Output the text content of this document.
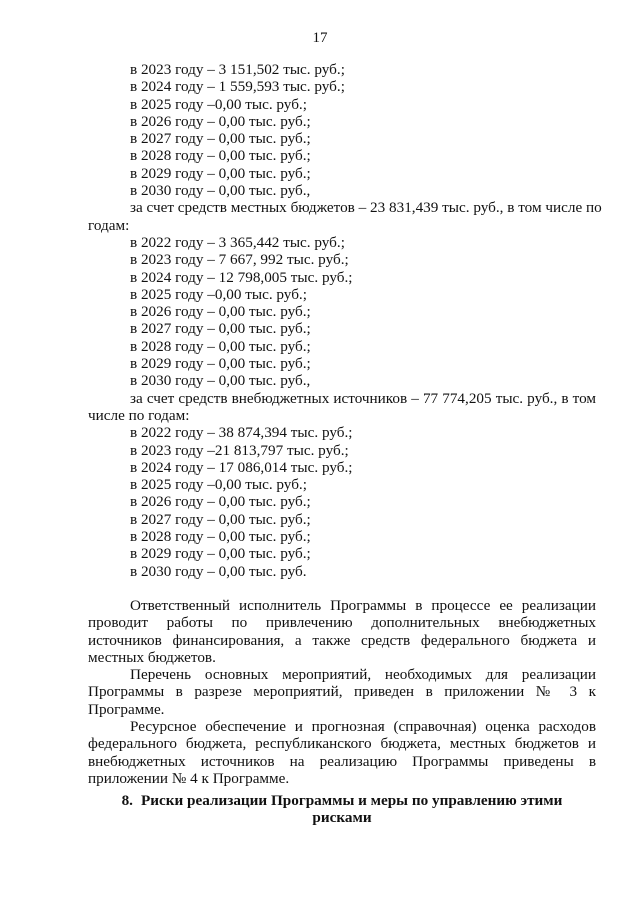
17
в 2023 году – 3 151,502 тыс. руб.;
в 2024 году – 1 559,593 тыс. руб.;
в 2025 году –0,00 тыс. руб.;
в 2026 году – 0,00 тыс. руб.;
в 2027 году – 0,00 тыс. руб.;
в 2028 году – 0,00 тыс. руб.;
в 2029 году – 0,00 тыс. руб.;
в 2030 году – 0,00 тыс. руб.,
за счет средств местных бюджетов – 23 831,439 тыс. руб., в том числе по
годам:
в 2022 году – 3 365,442 тыс. руб.;
в 2023 году – 7 667, 992 тыс. руб.;
в 2024 году – 12 798,005 тыс. руб.;
в 2025 году –0,00 тыс. руб.;
в 2026 году – 0,00 тыс. руб.;
в 2027 году – 0,00 тыс. руб.;
в 2028 году – 0,00 тыс. руб.;
в 2029 году – 0,00 тыс. руб.;
в 2030 году – 0,00 тыс. руб.,
за счет средств внебюджетных источников – 77 774,205 тыс. руб., в том
числе по годам:
в 2022 году – 38 874,394 тыс. руб.;
в 2023 году –21 813,797 тыс. руб.;
в 2024 году – 17 086,014 тыс. руб.;
в 2025 году –0,00 тыс. руб.;
в 2026 году – 0,00 тыс. руб.;
в 2027 году – 0,00 тыс. руб.;
в 2028 году – 0,00 тыс. руб.;
в 2029 году – 0,00 тыс. руб.;
в 2030 году – 0,00 тыс. руб.
Ответственный исполнитель Программы в процессе ее реализации
проводит работы по привлечению дополнительных внебюджетных
источников финансирования, а также средств федерального бюджета и
местных бюджетов.
Перечень основных мероприятий, необходимых для реализации
Программы в разрезе мероприятий, приведен в приложении № 3 к
Программе.
Ресурсное обеспечение и прогнозная (справочная) оценка расходов
федерального бюджета, республиканского бюджета, местных бюджетов и
внебюджетных источников на реализацию Программы приведены в
приложении № 4 к Программе.
8. Риски реализации Программы и меры по управлению этими
рисками
